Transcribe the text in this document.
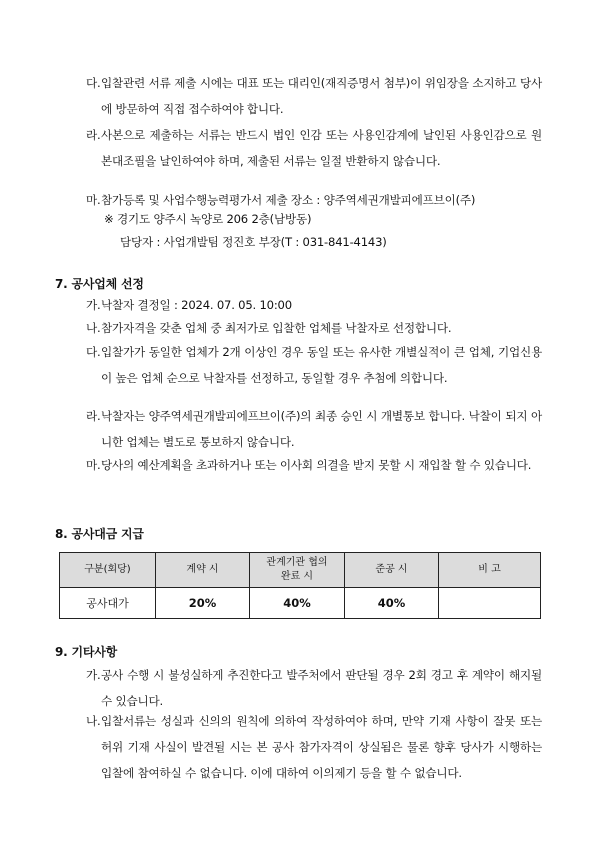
다. 입찰관련 서류 제출 시에는 대표 또는 대리인(재직증명서 첨부)이 위임장을 소지하고 당사에 방문하여 직접 접수하여야 합니다.
라. 사본으로 제출하는 서류는 반드시 법인 인감 또는 사용인감계에 날인된 사용인감으로 원본대조필을 날인하여야 하며, 제출된 서류는 일절 반환하지 않습니다.
마. 참가등록 및 사업수행능력평가서 제출 장소 : 양주역세권개발피에프브이(주)
※ 경기도 양주시 녹양로 206 2층(남방동)
담당자 : 사업개발팀 정진호 부장(T : 031-841-4143)
7. 공사업체 선정
가. 낙찰자 결정일 : 2024. 07. 05. 10:00
나. 참가자격을 갖춘 업체 중 최저가로 입찰한 업체를 낙찰자로 선정합니다.
다. 입찰가가 동일한 업체가 2개 이상인 경우 동일 또는 유사한 개별실적이 큰 업체, 기업신용이 높은 업체 순으로 낙찰자를 선정하고, 동일할 경우 추첨에 의합니다.
라. 낙찰자는 양주역세권개발피에프브이(주)의 최종 승인 시 개별통보 합니다. 낙찰이 되지 아니한 업체는 별도로 통보하지 않습니다.
마. 당사의 예산계획을 초과하거나 또는 이사회 의결을 받지 못할 시 재입찰 할 수 있습니다.
8. 공사대금 지급
구분(회당)	계약 시	관계기관 협의 완료 시	준공 시	비 고
공사대가	20%	40%	40%	
9. 기타사항
가. 공사 수행 시 불성실하게 추진한다고 발주처에서 판단될 경우 2회 경고 후 계약이 해지될 수 있습니다.
나. 입찰서류는 성실과 신의의 원칙에 의하여 작성하여야 하며, 만약 기재 사항이 잘못 또는 허위 기재 사실이 발견될 시는 본 공사 참가자격이 상실됨은 물론 향후 당사가 시행하는 입찰에 참여하실 수 없습니다. 이에 대하여 이의제기 등을 할 수 없습니다.
